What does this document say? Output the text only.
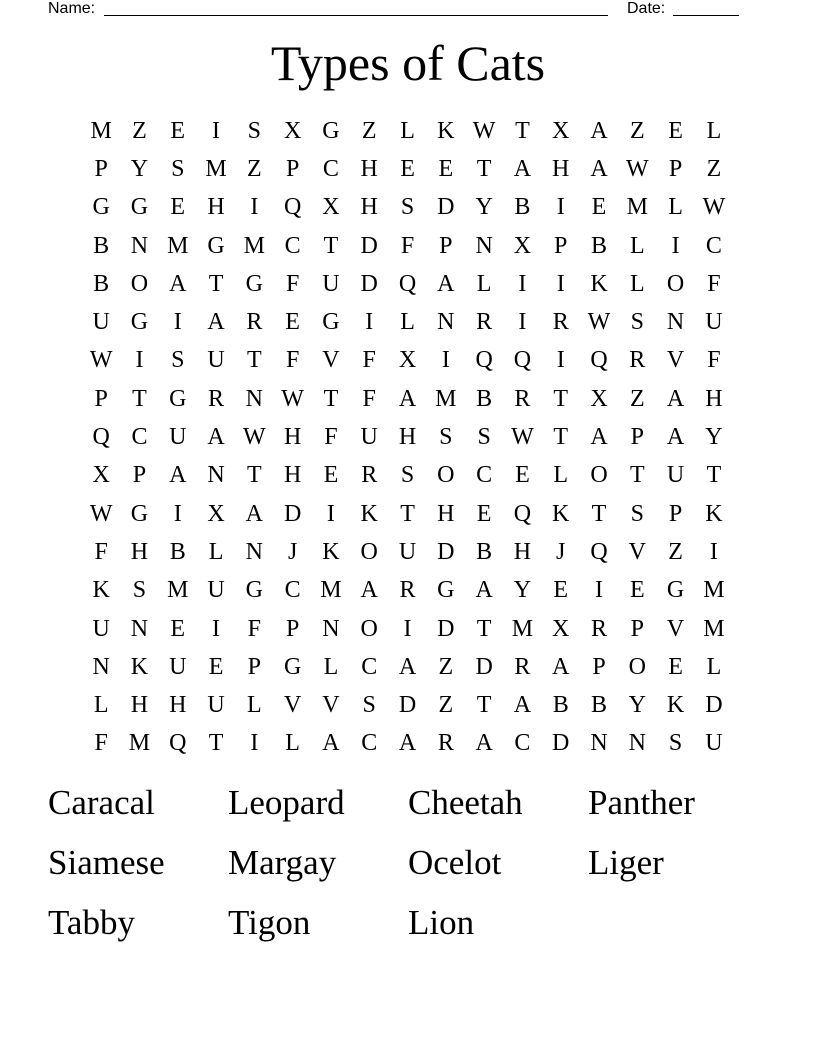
Name:	Date:
Types of Cats
M Z E	I	S X G Z L K W T X A Z E L
P Y S M Z	P C H E E T A H A W P	Z
G G E H	I	Q X H S D Y B	I	E M L W
B N M G M C T D F	P N X P B L	I	C
B O A T G F U D Q A L	I	I	K L O F
U G	I	A R E G	I	L N R	I	R W S N U
W I	S U T	F V F X	I	Q Q	I	Q R V F
P	T G R N W T	F A M B R T X Z A H
Q C U A W H F U H S	S W T A P A Y
X P A N T H E R S O C E L O T U T
W G	I	X A D	I	K T H E Q K T	S	P K
F H B L N	J	K O U D B H	J	Q V Z	I
K S M U G C M A R G A Y E	I	E G M
U N E	I	F	P N O	I	D T M X R P V M
N K U E	P G L C A Z D R A P O E L
L H H U L V V S D Z T A B B Y K D
F M Q T	I	L A C A R A C D N N S U
Caracal	Leopard	Cheetah	Panther
Siamese	Margay	Ocelot	Liger
Tabby	Tigon	Lion
